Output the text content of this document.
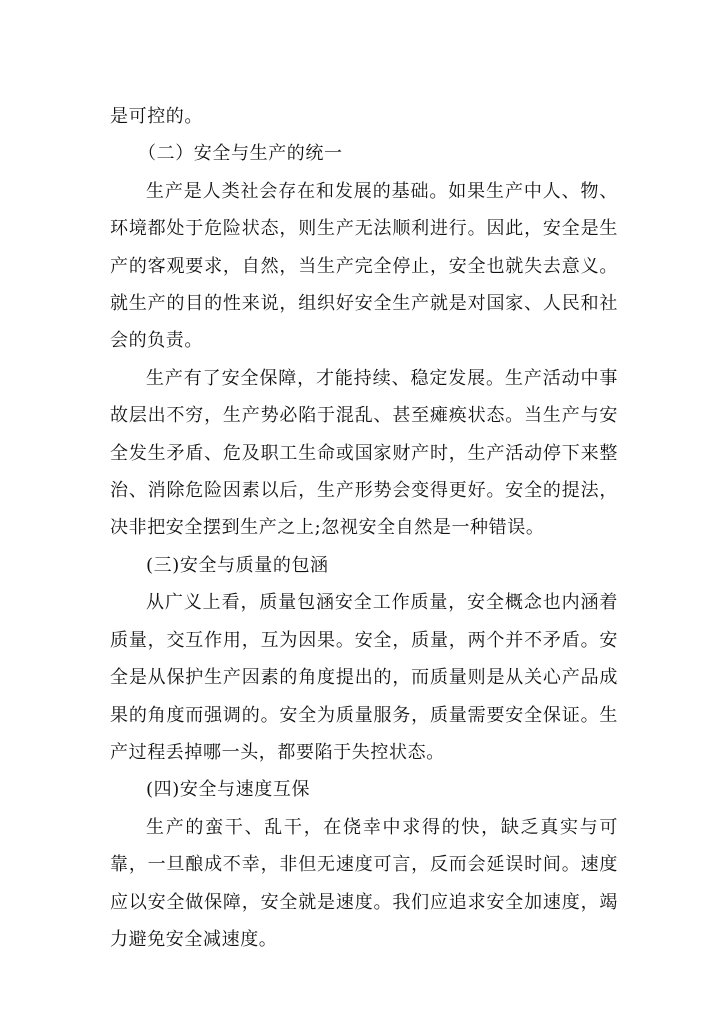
是可控的。

（二）安全与生产的统一

生产是人类社会存在和发展的基础。如果生产中人、物、环境都处于危险状态，则生产无法顺利进行。因此，安全是生产的客观要求，自然，当生产完全停止，安全也就失去意义。就生产的目的性来说，组织好安全生产就是对国家、人民和社会的负责。

生产有了安全保障，才能持续、稳定发展。生产活动中事故层出不穷，生产势必陷于混乱、甚至瘫痪状态。当生产与安全发生矛盾、危及职工生命或国家财产时，生产活动停下来整治、消除危险因素以后，生产形势会变得更好。安全的提法，决非把安全摆到生产之上;忽视安全自然是一种错误。

(三)安全与质量的包涵

从广义上看，质量包涵安全工作质量，安全概念也内涵着质量，交互作用，互为因果。安全，质量，两个并不矛盾。安全是从保护生产因素的角度提出的，而质量则是从关心产品成果的角度而强调的。安全为质量服务，质量需要安全保证。生产过程丢掉哪一头，都要陷于失控状态。

(四)安全与速度互保

生产的蛮干、乱干，在侥幸中求得的快，缺乏真实与可靠，一旦酿成不幸，非但无速度可言，反而会延误时间。速度应以安全做保障，安全就是速度。我们应追求安全加速度，竭力避免安全减速度。
